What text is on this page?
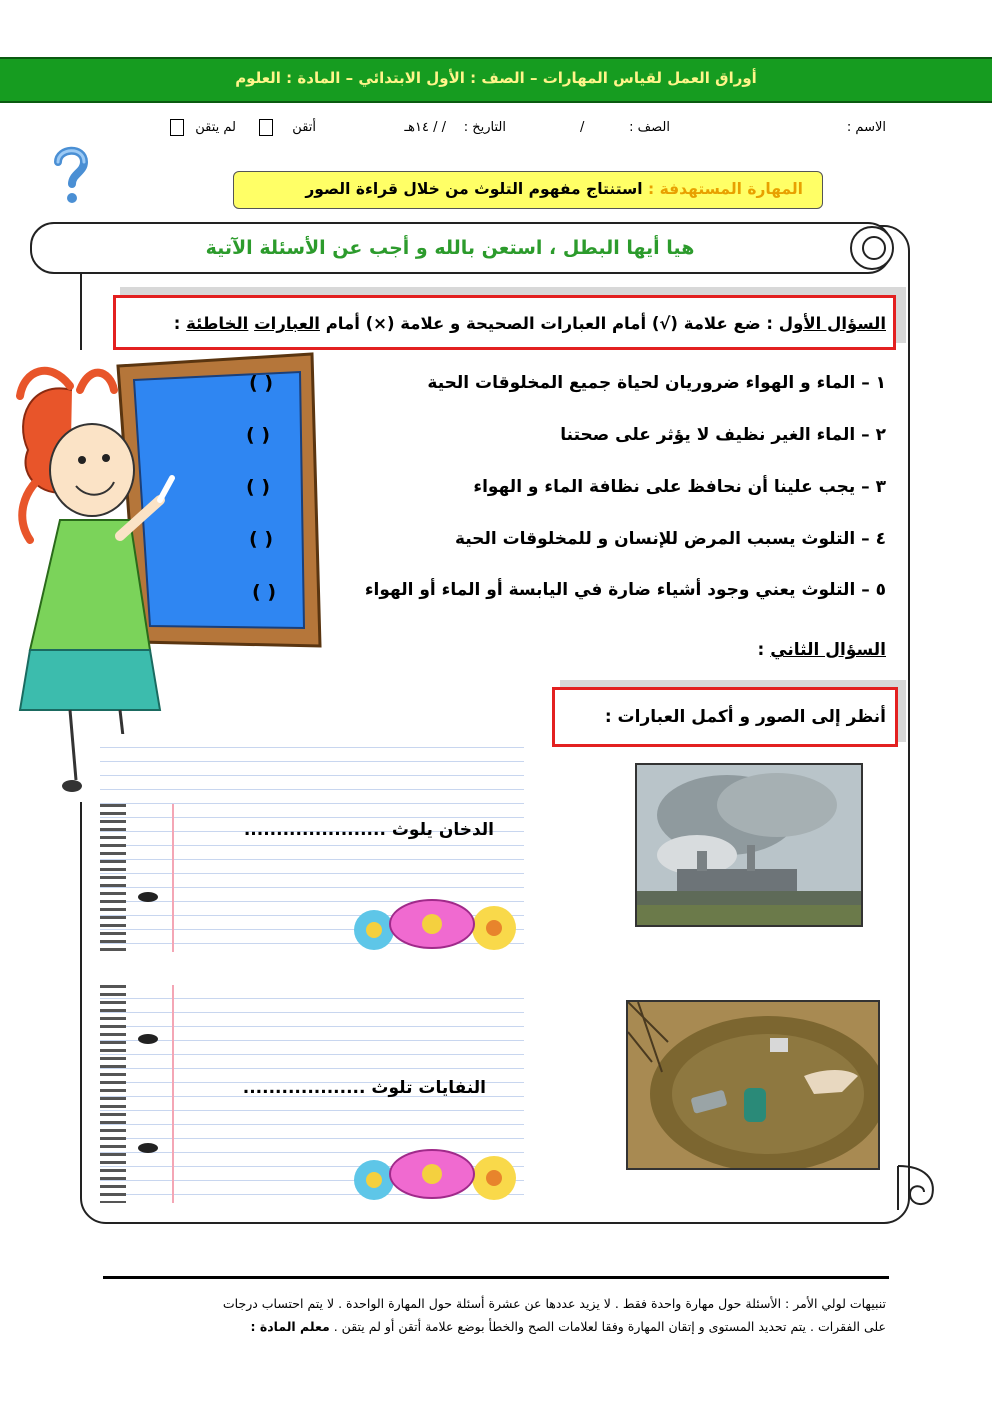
أوراق العمل لقياس المهارات – الصف : الأول الابتدائي – المادة : العلوم
الاسم :
الصف :
/
التاريخ :
/ / ١٤هـ
أتقن
لم يتقن
المهارة المستهدفة : استنتاج مفهوم التلوث من خلال قراءة الصور
هيا أيها البطل ، استعن بالله و أجب عن الأسئلة الآتية
السؤال الأول : ضع علامة (√) أمام العبارات الصحيحة و علامة (×) أمام العبارات الخاطئة :
١ – الماء و الهواء ضروريان لحياة جميع المخلوقات الحية
( )
٢ – الماء الغير نظيف لا يؤثر على صحتنا
( )
٣ – يجب علينا أن نحافظ على نظافة الماء و الهواء
( )
٤ – التلوث يسبب المرض للإنسان و للمخلوقات الحية
( )
٥ – التلوث يعني وجود أشياء ضارة في اليابسة أو الماء أو الهواء
( )
السؤال الثاني :
أنظر إلى الصور و أكمل العبارات :
الدخان يلوث ......................
النفايات تلوث ...................
تنبيهات لولي الأمر : الأسئلة حول مهارة واحدة فقط . لا يزيد عددها عن عشرة أسئلة حول المهارة الواحدة . لا يتم احتساب درجات
على الفقرات . يتم تحديد المستوى و إتقان المهارة وفقا لعلامات الصح والخطأ بوضع علامة أتقن أو لم يتقن . معلم المادة :
